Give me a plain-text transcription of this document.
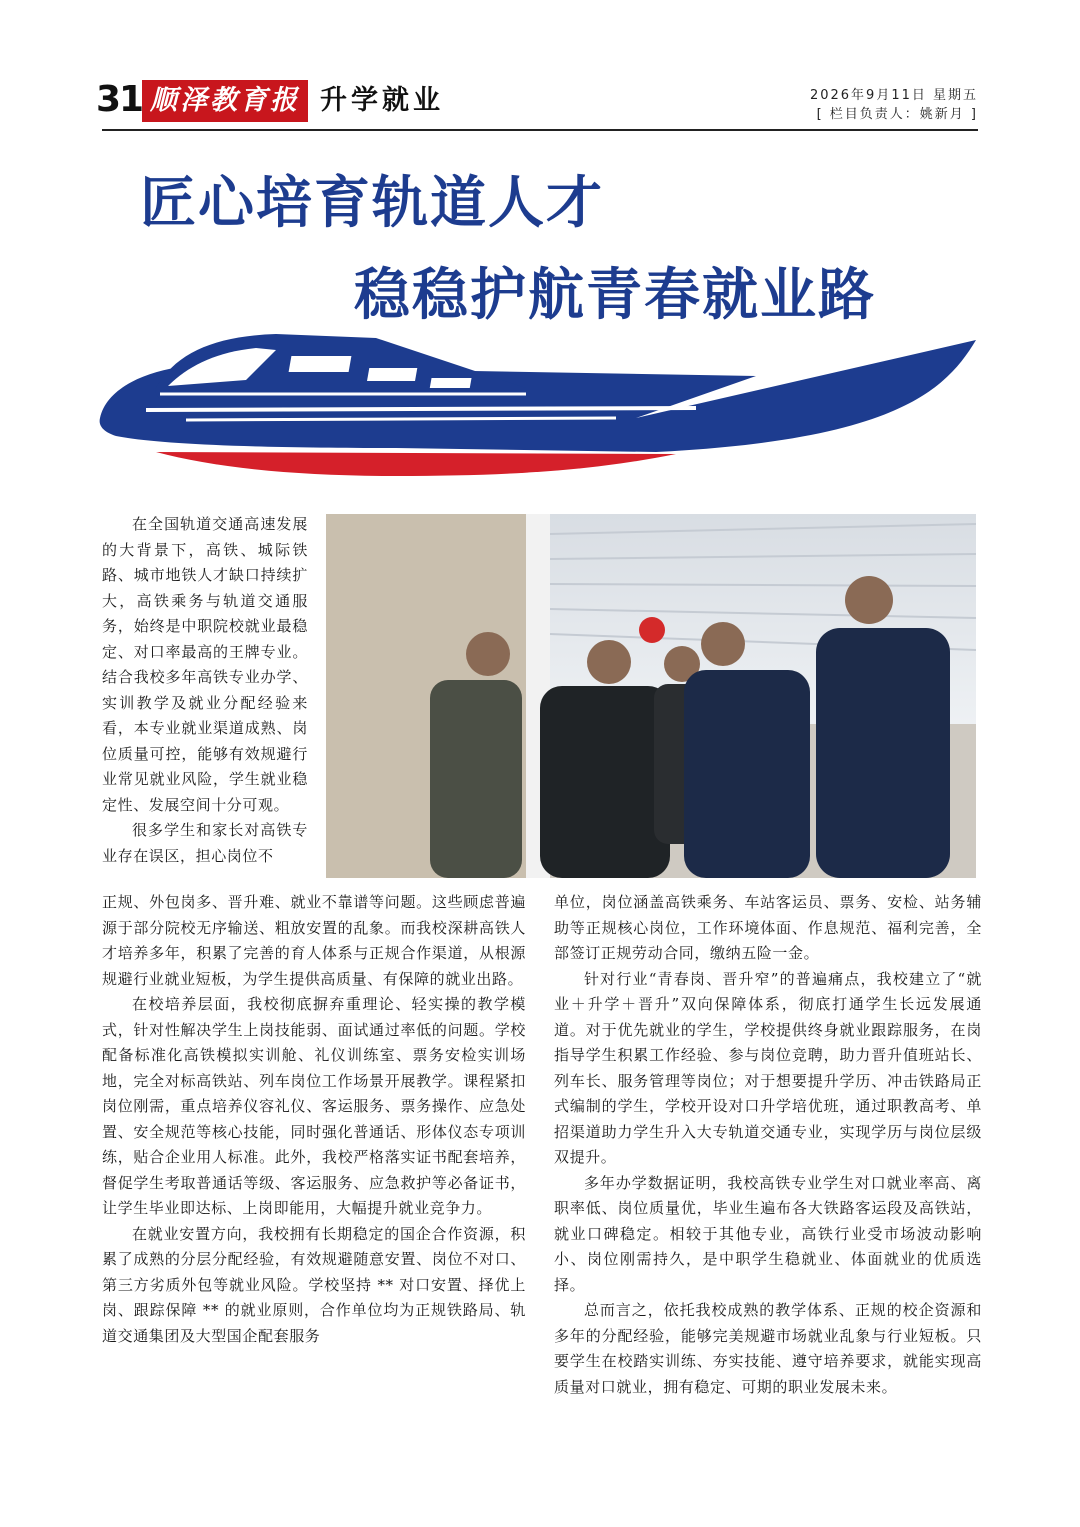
31 顺泽教育报 升学就业	2026年9月11日 星期五
[ 栏目负责人：姚新月 ]
匠心培育轨道人才
稳稳护航青春就业路

在全国轨道交通高速发展的大背景下，高铁、城际铁路、城市地铁人才缺口持续扩大，高铁乘务与轨道交通服务，始终是中职院校就业最稳定、对口率最高的王牌专业。结合我校多年高铁专业办学、实训教学及就业分配经验来看，本专业就业渠道成熟、岗位质量可控，能够有效规避行业常见就业风险，学生就业稳定性、发展空间十分可观。

很多学生和家长对高铁专业存在误区，担心岗位不

正规、外包岗多、晋升难、就业不靠谱等问题。这些顾虑普遍源于部分院校无序输送、粗放安置的乱象。而我校深耕高铁人才培养多年，积累了完善的育人体系与正规合作渠道，从根源规避行业就业短板，为学生提供高质量、有保障的就业出路。

在校培养层面，我校彻底摒弃重理论、轻实操的教学模式，针对性解决学生上岗技能弱、面试通过率低的问题。学校配备标准化高铁模拟实训舱、礼仪训练室、票务安检实训场地，完全对标高铁站、列车岗位工作场景开展教学。课程紧扣岗位刚需，重点培养仪容礼仪、客运服务、票务操作、应急处置、安全规范等核心技能，同时强化普通话、形体仪态专项训练，贴合企业用人标准。此外，我校严格落实证书配套培养，督促学生考取普通话等级、客运服务、应急救护等必备证书，让学生毕业即达标、上岗即能用，大幅提升就业竞争力。

在就业安置方向，我校拥有长期稳定的国企合作资源，积累了成熟的分层分配经验，有效规避随意安置、岗位不对口、第三方劣质外包等就业风险。学校坚持 ** 对口安置、择优上岗、跟踪保障 ** 的就业原则，合作单位均为正规铁路局、轨道交通集团及大型国企配套服务

单位，岗位涵盖高铁乘务、车站客运员、票务、安检、站务辅助等正规核心岗位，工作环境体面、作息规范、福利完善，全部签订正规劳动合同，缴纳五险一金。

针对行业“青春岗、晋升窄”的普遍痛点，我校建立了“就业＋升学＋晋升”双向保障体系，彻底打通学生长远发展通道。对于优先就业的学生，学校提供终身就业跟踪服务，在岗指导学生积累工作经验、参与岗位竞聘，助力晋升值班站长、列车长、服务管理等岗位；对于想要提升学历、冲击铁路局正式编制的学生，学校开设对口升学培优班，通过职教高考、单招渠道助力学生升入大专轨道交通专业，实现学历与岗位层级双提升。

多年办学数据证明，我校高铁专业学生对口就业率高、离职率低、岗位质量优，毕业生遍布各大铁路客运段及高铁站，就业口碑稳定。相较于其他专业，高铁行业受市场波动影响小、岗位刚需持久，是中职学生稳就业、体面就业的优质选择。

总而言之，依托我校成熟的教学体系、正规的校企资源和多年的分配经验，能够完美规避市场就业乱象与行业短板。只要学生在校踏实训练、夯实技能、遵守培养要求，就能实现高质量对口就业，拥有稳定、可期的职业发展未来。
